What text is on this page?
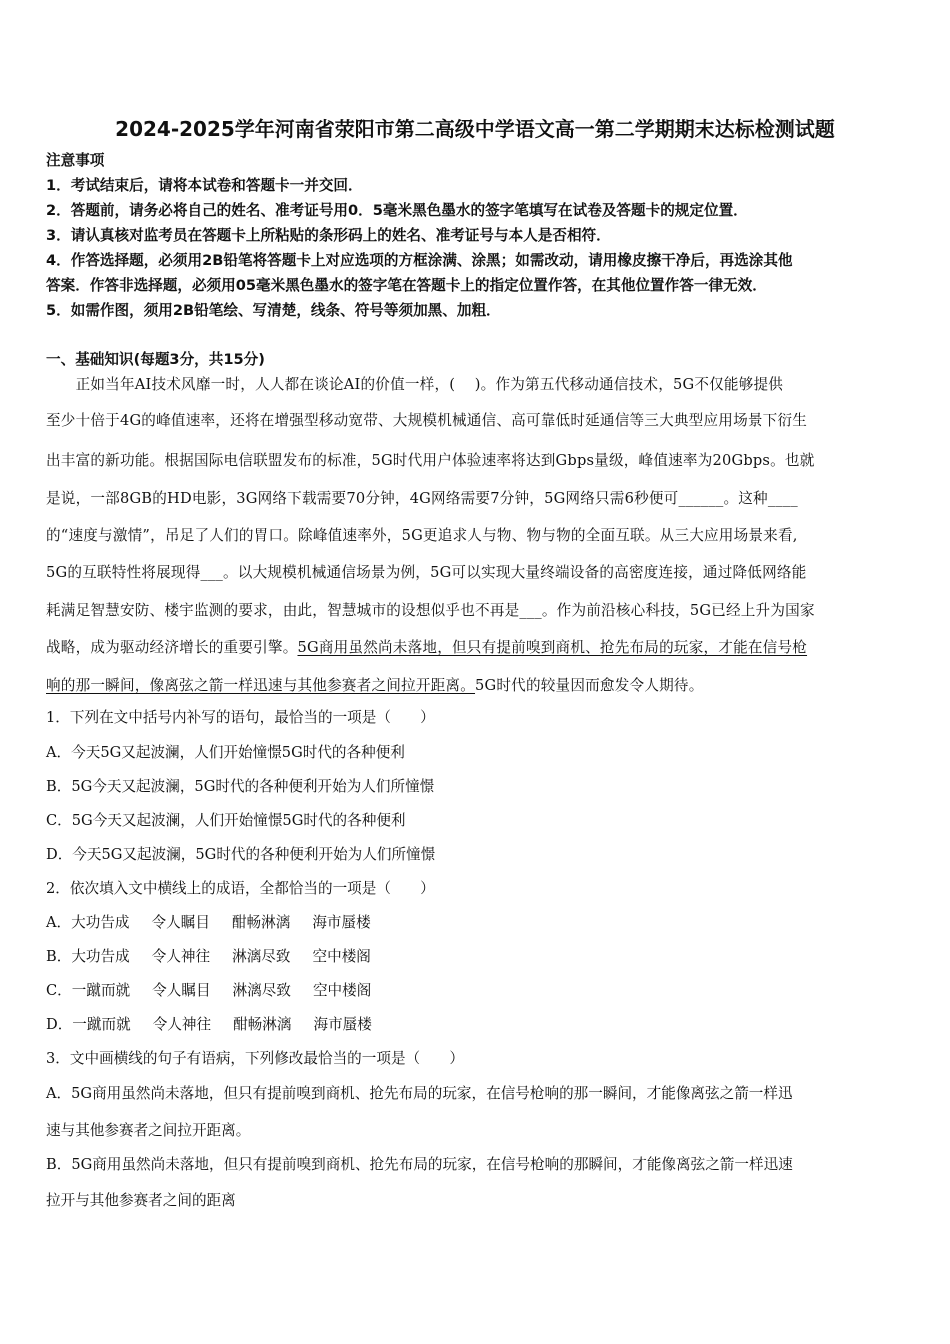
2024-2025学年河南省荥阳市第二高级中学语文高一第二学期期末达标检测试题
注意事项
1．考试结束后，请将本试卷和答题卡一并交回．
2．答题前，请务必将自己的姓名、准考证号用0．5毫米黑色墨水的签字笔填写在试卷及答题卡的规定位置．
3．请认真核对监考员在答题卡上所粘贴的条形码上的姓名、准考证号与本人是否相符．
4．作答选择题，必须用2B铅笔将答题卡上对应选项的方框涂满、涂黑；如需改动，请用橡皮擦干净后，再选涂其他
答案．作答非选择题，必须用05毫米黑色墨水的签字笔在答题卡上的指定位置作答，在其他位置作答一律无效．
5．如需作图，须用2B铅笔绘、写清楚，线条、符号等须加黑、加粗．
一、基础知识(每题3分，共15分)
　　正如当年AI技术风靡一时，人人都在谈论AI的价值一样，(　 )。作为第五代移动通信技术，5G不仅能够提供
至少十倍于4G的峰值速率，还将在增强型移动宽带、大规模机械通信、高可靠低时延通信等三大典型应用场景下衍生
出丰富的新功能。根据国际电信联盟发布的标准，5G时代用户体验速率将达到Gbps量级，峰值速率为20Gbps。也就
是说，一部8GB的HD电影，3G网络下载需要70分钟，4G网络需要7分钟，5G网络只需6秒便可______。这种____
的“速度与激情”，吊足了人们的胃口。除峰值速率外，5G更追求人与物、物与物的全面互联。从三大应用场景来看,
5G的互联特性将展现得___。以大规模机械通信场景为例，5G可以实现大量终端设备的高密度连接，通过降低网络能
耗满足智慧安防、楼宇监测的要求，由此，智慧城市的设想似乎也不再是___。作为前沿核心科技，5G已经上升为国家
战略，成为驱动经济增长的重要引擎。5G商用虽然尚未落地，但只有提前嗅到商机、抢先布局的玩家，才能在信号枪
响的那一瞬间，像离弦之箭一样迅速与其他参赛者之间拉开距离。5G时代的较量因而愈发令人期待。
1．下列在文中括号内补写的语句，最恰当的一项是（　　）
A．今天5G又起波澜，人们开始憧憬5G时代的各种便利
B．5G今天又起波澜，5G时代的各种便利开始为人们所憧憬
C．5G今天又起波澜，人们开始憧憬5G时代的各种便利
D．今天5G又起波澜，5G时代的各种便利开始为人们所憧憬
2．依次填入文中横线上的成语，全都恰当的一项是（　　）
A．大功告成 令人瞩目 酣畅淋漓 海市蜃楼
B．大功告成 令人神往 淋漓尽致 空中楼阁
C．一蹴而就 令人瞩目 淋漓尽致 空中楼阁
D．一蹴而就 令人神往 酣畅淋漓 海市蜃楼
3．文中画横线的句子有语病，下列修改最恰当的一项是（　　）
A．5G商用虽然尚未落地，但只有提前嗅到商机、抢先布局的玩家，在信号枪响的那一瞬间，才能像离弦之箭一样迅
速与其他参赛者之间拉开距离。
B．5G商用虽然尚未落地，但只有提前嗅到商机、抢先布局的玩家，在信号枪响的那瞬间，才能像离弦之箭一样迅速
拉开与其他参赛者之间的距离
